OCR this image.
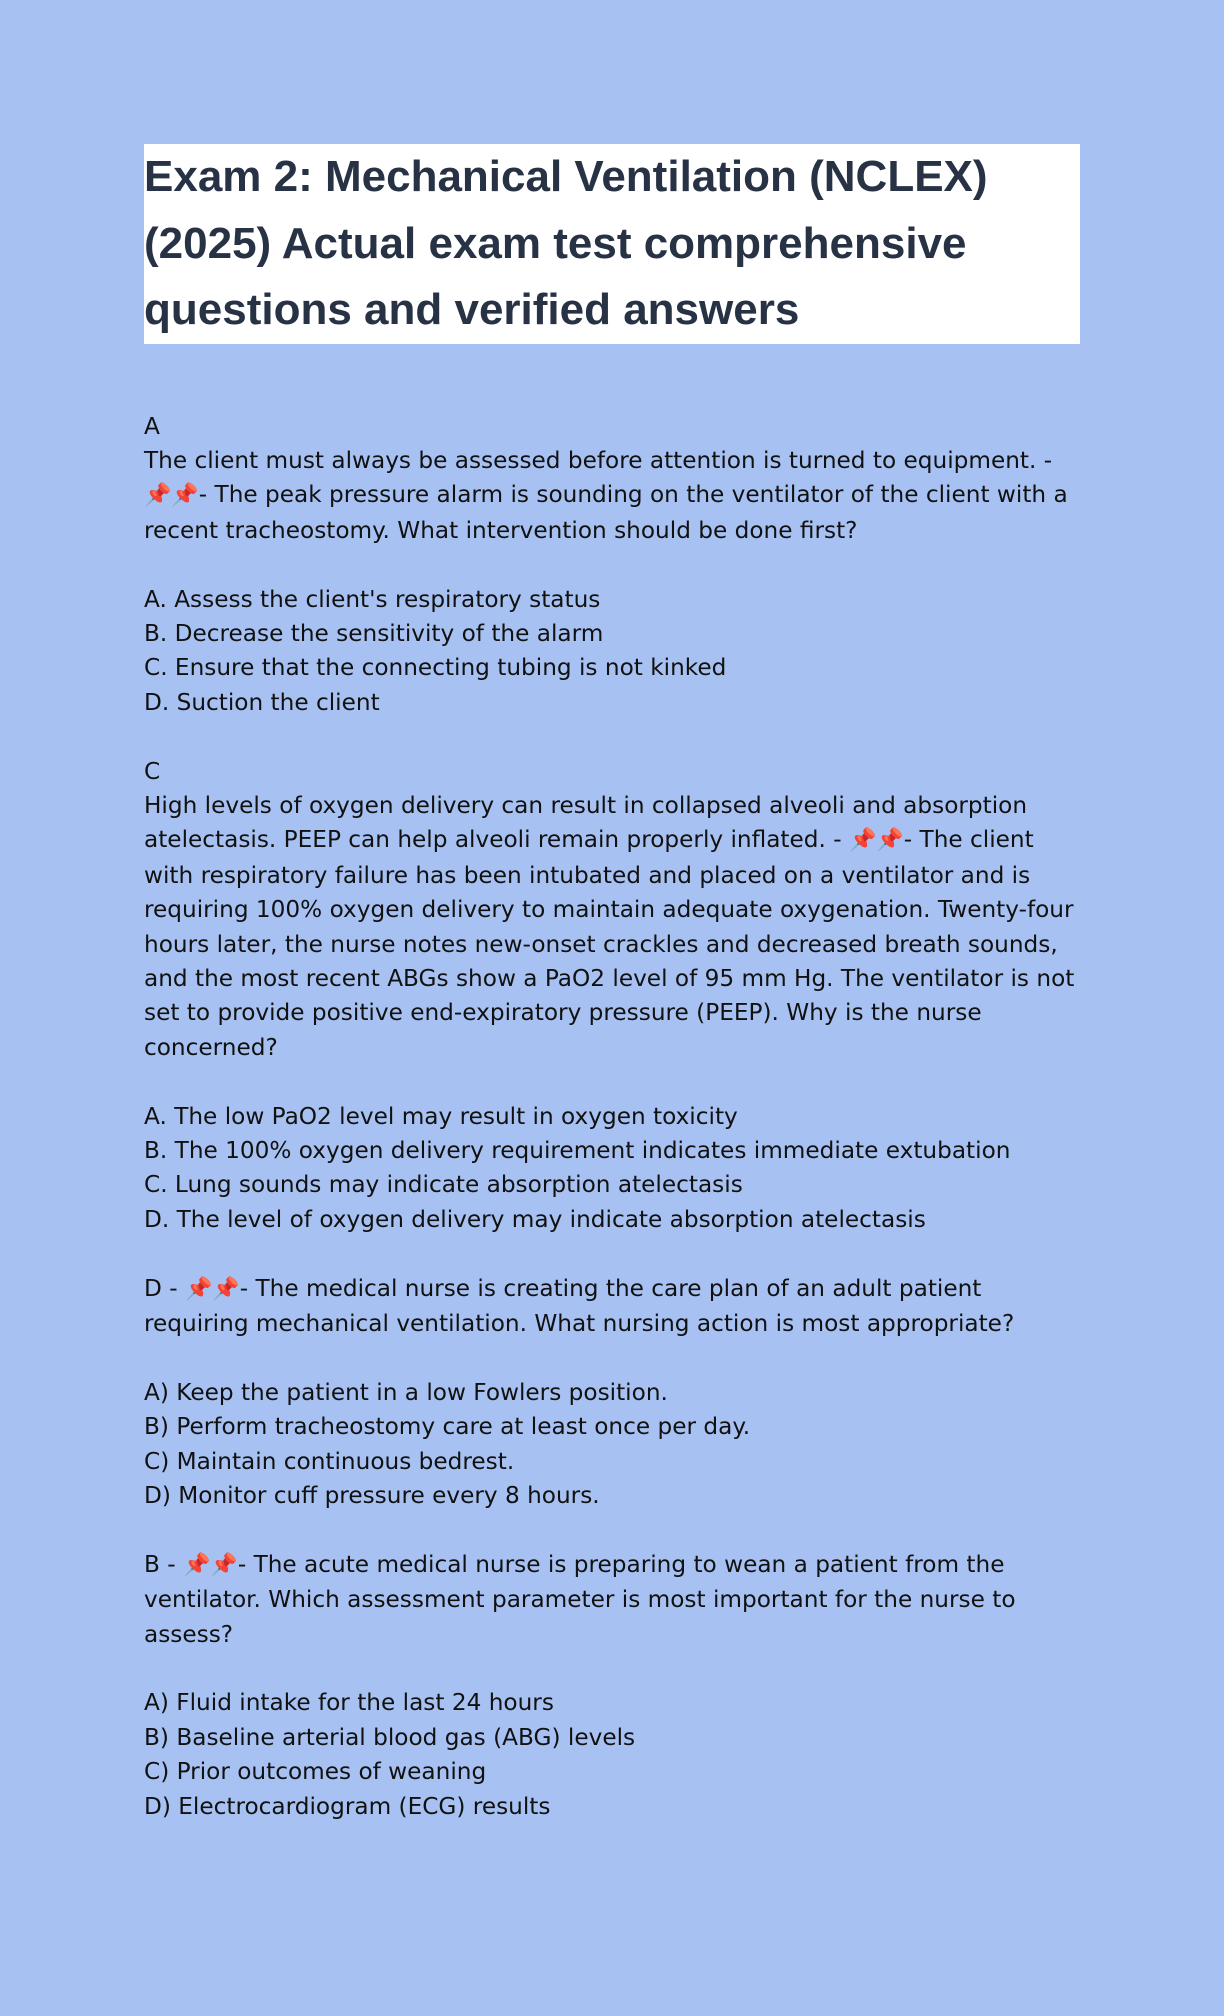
Exam 2: Mechanical Ventilation (NCLEX) (2025) Actual exam test comprehensive questions and verified answers
A
The client must always be assessed before attention is turned to equipment. -
📌📌- The peak pressure alarm is sounding on the ventilator of the client with a
recent tracheostomy. What intervention should be done first?
A. Assess the client's respiratory status
B. Decrease the sensitivity of the alarm
C. Ensure that the connecting tubing is not kinked
D. Suction the client
C
High levels of oxygen delivery can result in collapsed alveoli and absorption
atelectasis. PEEP can help alveoli remain properly inflated. - 📌📌- The client
with respiratory failure has been intubated and placed on a ventilator and is
requiring 100% oxygen delivery to maintain adequate oxygenation. Twenty-four
hours later, the nurse notes new-onset crackles and decreased breath sounds,
and the most recent ABGs show a PaO2 level of 95 mm Hg. The ventilator is not
set to provide positive end-expiratory pressure (PEEP). Why is the nurse
concerned?
A. The low PaO2 level may result in oxygen toxicity
B. The 100% oxygen delivery requirement indicates immediate extubation
C. Lung sounds may indicate absorption atelectasis
D. The level of oxygen delivery may indicate absorption atelectasis
D - 📌📌- The medical nurse is creating the care plan of an adult patient
requiring mechanical ventilation. What nursing action is most appropriate?
A) Keep the patient in a low Fowlers position.
B) Perform tracheostomy care at least once per day.
C) Maintain continuous bedrest.
D) Monitor cuff pressure every 8 hours.
B - 📌📌- The acute medical nurse is preparing to wean a patient from the
ventilator. Which assessment parameter is most important for the nurse to
assess?
A) Fluid intake for the last 24 hours
B) Baseline arterial blood gas (ABG) levels
C) Prior outcomes of weaning
D) Electrocardiogram (ECG) results
